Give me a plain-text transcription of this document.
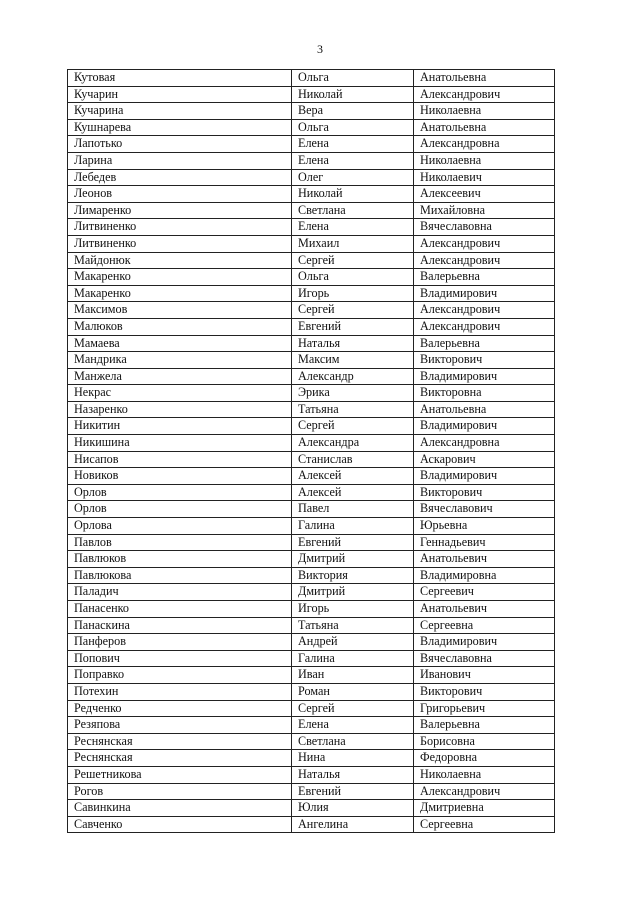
3
Кутовая	Ольга	Анатольевна
Кучарин	Николай	Александрович
Кучарина	Вера	Николаевна
Кушнарева	Ольга	Анатольевна
Лапотько	Елена	Александровна
Ларина	Елена	Николаевна
Лебедев	Олег	Николаевич
Леонов	Николай	Алексеевич
Лимаренко	Светлана	Михайловна
Литвиненко	Елена	Вячеславовна
Литвиненко	Михаил	Александрович
Майдонюк	Сергей	Александрович
Макаренко	Ольга	Валерьевна
Макаренко	Игорь	Владимирович
Максимов	Сергей	Александрович
Малюков	Евгений	Александрович
Мамаева	Наталья	Валерьевна
Мандрика	Максим	Викторович
Манжела	Александр	Владимирович
Некрас	Эрика	Викторовна
Назаренко	Татьяна	Анатольевна
Никитин	Сергей	Владимирович
Никишина	Александра	Александровна
Нисапов	Станислав	Аскарович
Новиков	Алексей	Владимирович
Орлов	Алексей	Викторович
Орлов	Павел	Вячеславович
Орлова	Галина	Юрьевна
Павлов	Евгений	Геннадьевич
Павлюков	Дмитрий	Анатольевич
Павлюкова	Виктория	Владимировна
Паладич	Дмитрий	Сергеевич
Панасенко	Игорь	Анатольевич
Панаскина	Татьяна	Сергеевна
Панферов	Андрей	Владимирович
Попович	Галина	Вячеславовна
Поправко	Иван	Иванович
Потехин	Роман	Викторович
Редченко	Сергей	Григорьевич
Резяпова	Елена	Валерьевна
Реснянская	Светлана	Борисовна
Реснянская	Нина	Федоровна
Решетникова	Наталья	Николаевна
Рогов	Евгений	Александрович
Савинкина	Юлия	Дмитриевна
Савченко	Ангелина	Сергеевна
